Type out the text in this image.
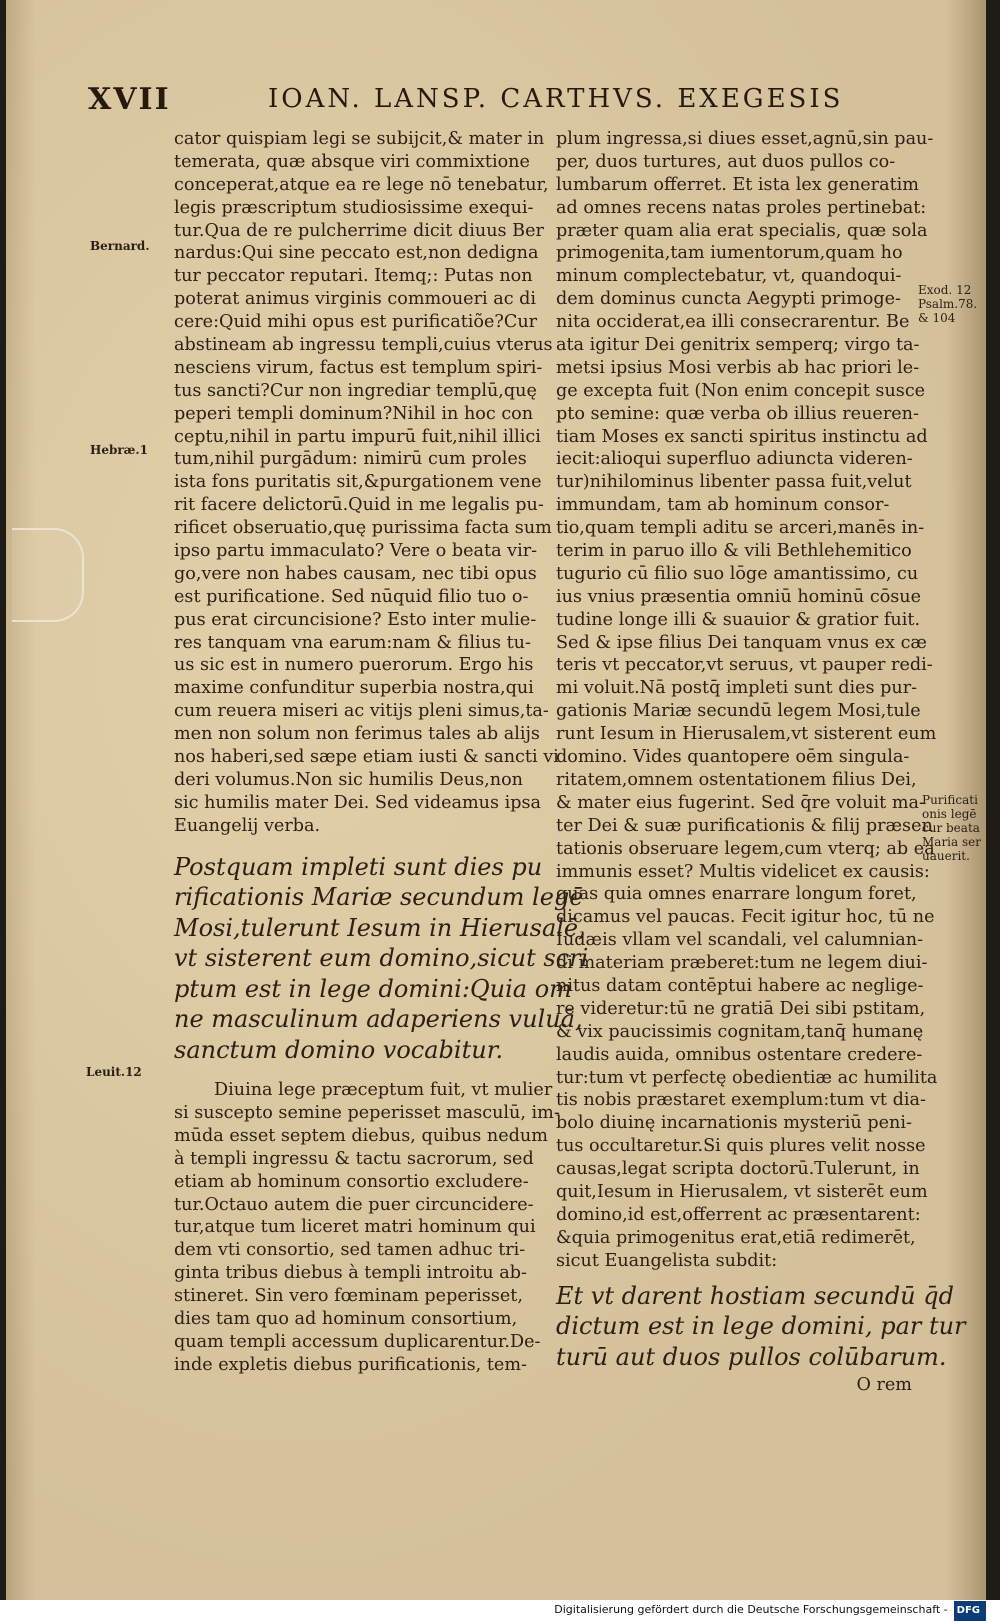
XVII	IOAN. LANSP. CARTHVS. EXEGESIS
Bernard.
Hebræ.1
Leuit.12
Exod. 12
Psalm.78.
& 104
Purificati
onis legē
cur beata
Maria ser
uauerit.
cator quispiam legi se subijcit,& mater in
temerata, quæ absque viri commixtione
conceperat,atque ea re lege nō tenebatur,
legis præscriptum studiosissime exequi-
tur.Qua de re pulcherrime dicit diuus Ber
nardus:Qui sine peccato est,non dedigna
tur peccator reputari. Itemq;: Putas non
poterat animus virginis commoueri ac di
cere:Quid mihi opus est purificatiõe?Cur
abstineam ab ingressu templi,cuius vterus
nesciens virum, factus est templum spiri-
tus sancti?Cur non ingrediar templū,quę
peperi templi dominum?Nihil in hoc con
ceptu,nihil in partu impurū fuit,nihil illici
tum,nihil purgādum: nimirū cum proles
ista fons puritatis sit,&purgationem vene
rit facere delictorū.Quid in me legalis pu-
rificet obseruatio,quę purissima facta sum
ipso partu immaculato? Vere o beata vir-
go,vere non habes causam, nec tibi opus
est purificatione. Sed nūquid filio tuo o-
pus erat circuncisione? Esto inter mulie-
res tanquam vna earum:nam & filius tu-
us sic est in numero puerorum. Ergo his
maxime confunditur superbia nostra,qui
cum reuera miseri ac vitijs pleni simus,ta-
men non solum non ferimus tales ab alijs
nos haberi,sed sæpe etiam iusti & sancti vi
deri volumus.Non sic humilis Deus,non
sic humilis mater Dei. Sed videamus ipsa
Euangelij verba.
Postquam impleti sunt dies pu
rificationis Mariæ secundum legē
Mosi,tulerunt Iesum in Hierusalē,
vt sisterent eum domino,sicut scri
ptum est in lege domini:Quia om
ne masculinum adaperiens vuluā,
sanctum domino vocabitur.
Diuina lege præceptum fuit, vt mulier
si suscepto semine peperisset masculū, im-
mūda esset septem diebus, quibus nedum
à templi ingressu & tactu sacrorum, sed
etiam ab hominum consortio excludere-
tur.Octauo autem die puer circuncidere-
tur,atque tum liceret matri hominum qui
dem vti consortio, sed tamen adhuc tri-
ginta tribus diebus à templi introitu ab-
stineret. Sin vero fœminam peperisset,
dies tam quo ad hominum consortium,
quam templi accessum duplicarentur.De-
inde expletis diebus purificationis, tem-
plum ingressa,si diues esset,agnū,sin pau-
per, duos turtures, aut duos pullos co-
lumbarum offerret. Et ista lex generatim
ad omnes recens natas proles pertinebat:
præter quam alia erat specialis, quæ sola
primogenita,tam iumentorum,quam ho
minum complectebatur, vt, quandoqui-
dem dominus cuncta Aegypti primoge-
nita occiderat,ea illi consecrarentur. Be
ata igitur Dei genitrix semperq; virgo ta-
metsi ipsius Mosi verbis ab hac priori le-
ge excepta fuit (Non enim concepit susce
pto semine: quæ verba ob illius reueren-
tiam Moses ex sancti spiritus instinctu ad
iecit:alioqui superfluo adiuncta videren-
tur)nihilominus libenter passa fuit,velut
immundam, tam ab hominum consor-
tio,quam templi aditu se arceri,manēs in-
terim in paruo illo & vili Bethlehemitico
tugurio cū filio suo lōge amantissimo, cu
ius vnius præsentia omniū hominū cōsue
tudine longe illi & suauior & gratior fuit.
Sed & ipse filius Dei tanquam vnus ex cæ
teris vt peccator,vt seruus, vt pauper redi-
mi voluit.Nā postq̄ impleti sunt dies pur-
gationis Mariæ secundū legem Mosi,tule
runt Iesum in Hierusalem,vt sisterent eum
domino. Vides quantopere oēm singula-
ritatem,omnem ostentationem filius Dei,
& mater eius fugerint. Sed q̄re voluit ma-
ter Dei & suæ purificationis & filij præsen
tationis obseruare legem,cum vterq; ab ea
immunis esset? Multis videlicet ex causis:
quas quia omnes enarrare longum foret,
dicamus vel paucas. Fecit igitur hoc, tū ne
Iudæis vllam vel scandali, vel calumnian-
di materiam præberet:tum ne legem diui-
nitus datam contēptui habere ac neglige-
re videretur:tū ne gratiā Dei sibi pstitam,
& vix paucissimis cognitam,tanq̄ humanę
laudis auida, omnibus ostentare credere-
tur:tum vt perfectę obedientiæ ac humilita
tis nobis præstaret exemplum:tum vt dia-
bolo diuinę incarnationis mysteriū peni-
tus occultaretur.Si quis plures velit nosse
causas,legat scripta doctorū.Tulerunt, in
quit,Iesum in Hierusalem, vt sisterēt eum
domino,id est,offerrent ac præsentarent:
&quia primogenitus erat,etiā redimerēt,
sicut Euangelista subdit:
Et vt darent hostiam secundū q̄d
dictum est in lege domini, par tur
turū aut duos pullos colūbarum.
O rem
Digitalisierung gefördert durch die Deutsche Forschungsgemeinschaft - DFG
